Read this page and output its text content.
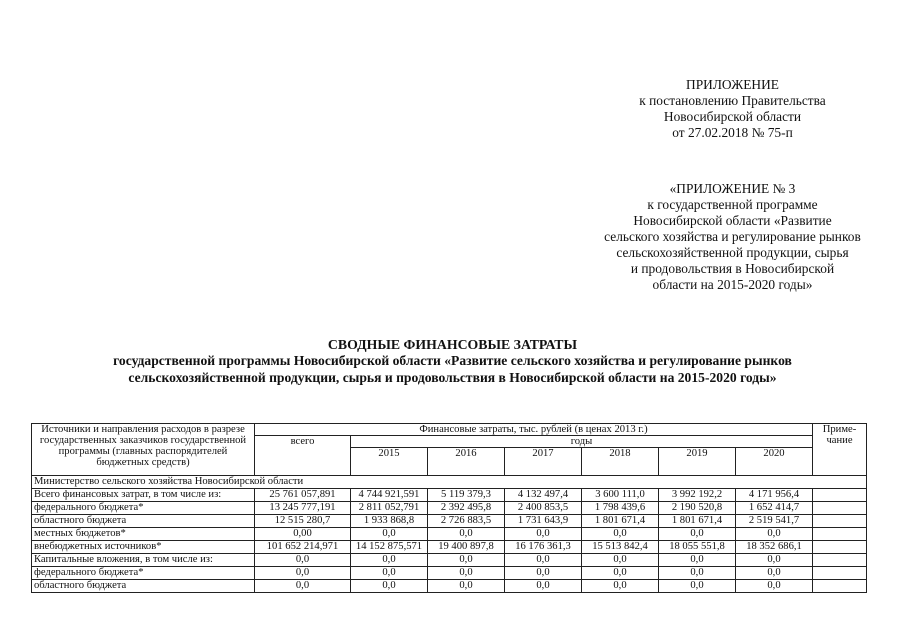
ПРИЛОЖЕНИЕ
к постановлению Правительства
Новосибирской области
от 27.02.2018 № 75-п
«ПРИЛОЖЕНИЕ № 3
к государственной программе
Новосибирской области «Развитие
сельского хозяйства и регулирование рынков
сельскохозяйственной продукции, сырья
и продовольствия в Новосибирской
области на 2015-2020 годы»
СВОДНЫЕ ФИНАНСОВЫЕ ЗАТРАТЫ
государственной программы Новосибирской области «Развитие сельского хозяйства и регулирование рынков
сельскохозяйственной продукции, сырья и продовольствия в Новосибирской области на 2015-2020 годы»
Источники и направления расходов в разрезе государственных заказчиков государственной программы (главных распорядителей бюджетных средств)	Финансовые затраты, тыс. рублей (в ценах 2013 г.)							Приме-чание
	всего	годы						
		2015	2016	2017	2018	2019	2020	
Министерство сельского хозяйства Новосибирской области								
Всего финансовых затрат, в том числе из:	25 761 057,891	4 744 921,591	5 119 379,3	4 132 497,4	3 600 111,0	3 992 192,2	4 171 956,4	
федерального бюджета*	13 245 777,191	2 811 052,791	2 392 495,8	2 400 853,5	1 798 439,6	2 190 520,8	1 652 414,7	
областного бюджета	12 515 280,7	1 933 868,8	2 726 883,5	1 731 643,9	1 801 671,4	1 801 671,4	2 519 541,7	
местных бюджетов*	0,00	0,0	0,0	0,0	0,0	0,0	0,0	
внебюджетных источников*	101 652 214,971	14 152 875,571	19 400 897,8	16 176 361,3	15 513 842,4	18 055 551,8	18 352 686,1	
Капитальные вложения, в том числе из:	0,0	0,0	0,0	0,0	0,0	0,0	0,0	
федерального бюджета*	0,0	0,0	0,0	0,0	0,0	0,0	0,0	
областного бюджета	0,0	0,0	0,0	0,0	0,0	0,0	0,0	
